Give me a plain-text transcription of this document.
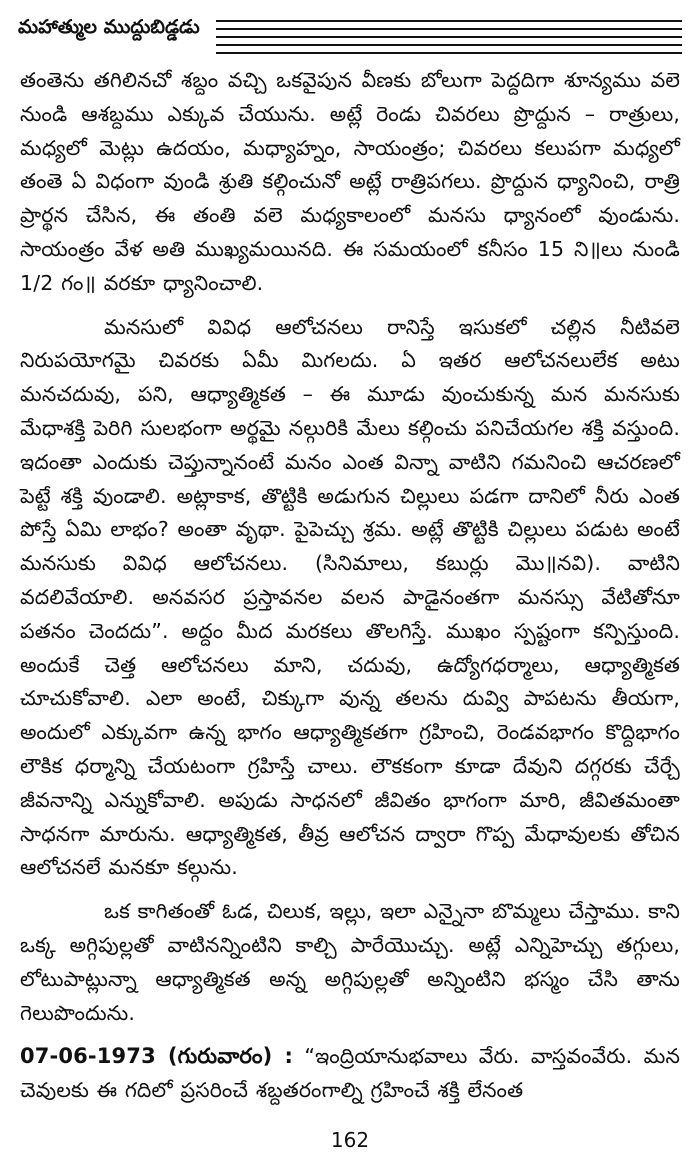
మహాత్ముల ముద్దుబిడ్డడు

తంతెను తగిలినచో శబ్దం వచ్చి ఒకవైపున వీణకు బోలుగా పెద్దదిగా శూన్యము వలె నుండి ఆశబ్దము ఎక్కువ చేయును. అట్లే రెండు చివరలు ప్రొద్దున – రాత్రులు, మధ్యలో మెట్లు ఉదయం, మధ్యాహ్నం, సాయంత్రం; చివరలు కలుపగా మధ్యలో తంతె ఏ విధంగా వుండి శ్రుతి కల్గించునో అట్లే రాత్రిపగలు. ప్రొద్దున ధ్యానించి, రాత్రి ప్రార్థన చేసిన, ఈ తంతి వలె మధ్యకాలంలో మనసు ధ్యానంలో వుండును. సాయంత్రం వేళ అతి ముఖ్యమయినది. ఈ సమయంలో కనీసం 15 ని॥లు నుండి 1/2 గం॥ వరకూ ధ్యానించాలి.

మనసులో వివిధ ఆలోచనలు రానిస్తే ఇసుకలో చల్లిన నీటివలె నిరుపయోగమై చివరకు ఏమీ మిగలదు. ఏ ఇతర ఆలోచనలులేక అటు మనచదువు, పని, ఆధ్యాత్మికత – ఈ మూడు వుంచుకున్న మన మనసుకు మేధాశక్తి పెరిగి సులభంగా అర్థమై నల్గురికి మేలు కల్గించు పనిచేయగల శక్తి వస్తుంది. ఇదంతా ఎందుకు చెప్తున్నానంటే మనం ఎంత విన్నా వాటిని గమనించి ఆచరణలో పెట్టే శక్తి వుండాలి. అట్లాకాక, తొట్టికి అడుగున చిల్లులు పడగా దానిలో నీరు ఎంత పోస్తే ఏమి లాభం? అంతా వృథా. పైపెచ్చు శ్రమ. అట్లే తొట్టికి చిల్లులు పడుట అంటే మనసుకు వివిధ ఆలోచనలు. (సినిమాలు, కబుర్లు మొ॥నవి). వాటిని వదలివేయాలి. అనవసర ప్రస్తావనల వలన పాడైనంతగా మనస్సు వేటితోనూ పతనం చెందదు”. అద్దం మీద మరకలు తొలగిస్తే. ముఖం స్పష్టంగా కన్పిస్తుంది. అందుకే చెత్త ఆలోచనలు మాని, చదువు, ఉద్యోగధర్మాలు, ఆధ్యాత్మికత చూచుకోవాలి. ఎలా అంటే, చిక్కుగా వున్న తలను దువ్వి పాపటను తీయగా, అందులో ఎక్కువగా ఉన్న భాగం ఆధ్యాత్మికతగా గ్రహించి, రెండవభాగం కొద్దిభాగం లౌకిక ధర్మాన్ని చేయటంగా గ్రహిస్తే చాలు. లౌకకంగా కూడా దేవుని దగ్గరకు చేర్చే జీవనాన్ని ఎన్నుకోవాలి. అపుడు సాధనలో జీవితం భాగంగా మారి, జీవితమంతా సాధనగా మారును. ఆధ్యాత్మికత, తీవ్ర ఆలోచన ద్వారా గొప్ప మేధావులకు తోచిన ఆలోచనలే మనకూ కల్గును.

ఒక కాగితంతో ఓడ, చిలుక, ఇల్లు, ఇలా ఎన్నైనా బొమ్మలు చేస్తాము. కాని ఒక్క అగ్గిపుల్లతో వాటినన్నింటిని కాల్చి పారేయొచ్చు. అట్లే ఎన్నిహెచ్చు తగ్గులు, లోటుపాట్లున్నా ఆధ్యాత్మికత అన్న అగ్గిపుల్లతో అన్నింటిని భస్మం చేసి తాను గెలుపొందును.

07-06-1973 (గురువారం) : “ఇంద్రియానుభవాలు వేరు. వాస్తవంవేరు. మన చెవులకు ఈ గదిలో ప్రసరించే శబ్దతరంగాల్ని గ్రహించే శక్తి లేనంత

162
